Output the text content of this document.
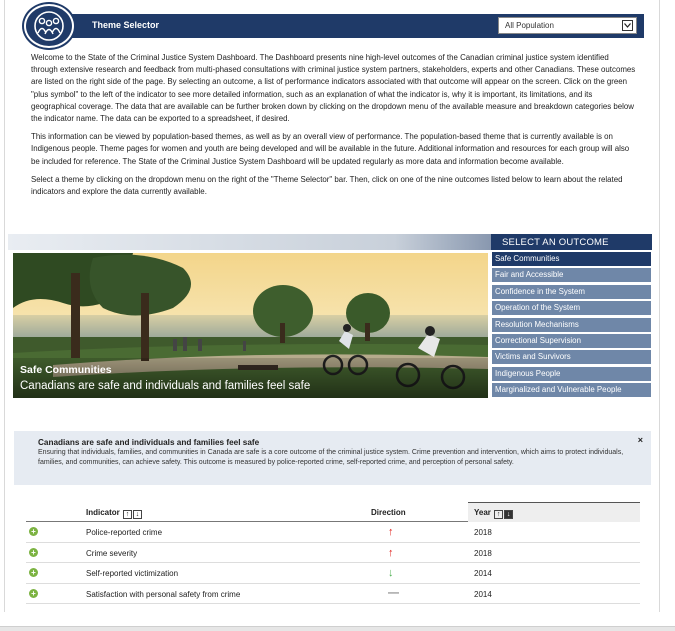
Theme Selector	All Population

Welcome to the State of the Criminal Justice System Dashboard. The Dashboard presents nine high-level outcomes of the Canadian criminal justice system identified through extensive research and feedback from multi-phased consultations with criminal justice system partners, stakeholders, experts and other Canadians. These outcomes are listed on the right side of the page. By selecting an outcome, a list of performance indicators associated with that outcome will appear on the screen. Click on the green "plus symbol" to the left of the indicator to see more detailed information, such as an explanation of what the indicator is, why it is important, its limitations, and its geographical coverage. The data that are available can be further broken down by clicking on the dropdown menu of the available measure and breakdown categories below the indicator name. The data can be exported to a spreadsheet, if desired.

This information can be viewed by population-based themes, as well as by an overall view of performance. The population-based theme that is currently available is on Indigenous people. Theme pages for women and youth are being developed and will be available in the future. Additional information and resources for each group will also be included for reference. The State of the Criminal Justice System Dashboard will be updated regularly as more data and information become available.

Select a theme by clicking on the dropdown menu on the right of the "Theme Selector" bar. Then, click on one of the nine outcomes listed below to learn about the related indicators and explore the data currently available.

SELECT AN OUTCOME
Safe Communities
Canadians are safe and individuals and families feel safe
Safe Communities
Fair and Accessible
Confidence in the System
Operation of the System
Resolution Mechanisms
Correctional Supervision
Victims and Survivors
Indigenous People
Marginalized and Vulnerable People
Canadians are safe and individuals and families feel safe
Ensuring that individuals, families, and communities in Canada are safe is a core outcome of the criminal justice system. Crime prevention and intervention, which aims to protect individuals, families, and communities, can achieve safety. This outcome is measured by police-reported crime, self-reported crime, and perception of personal safety.
×
Indicator ↑ ↓	Direction	Year ↑ ↓
+	Police-reported crime	↑	2018
+	Crime severity	↑	2018
+	Self-reported victimization	↓	2014
+	Satisfaction with personal safety from crime	—	2014
